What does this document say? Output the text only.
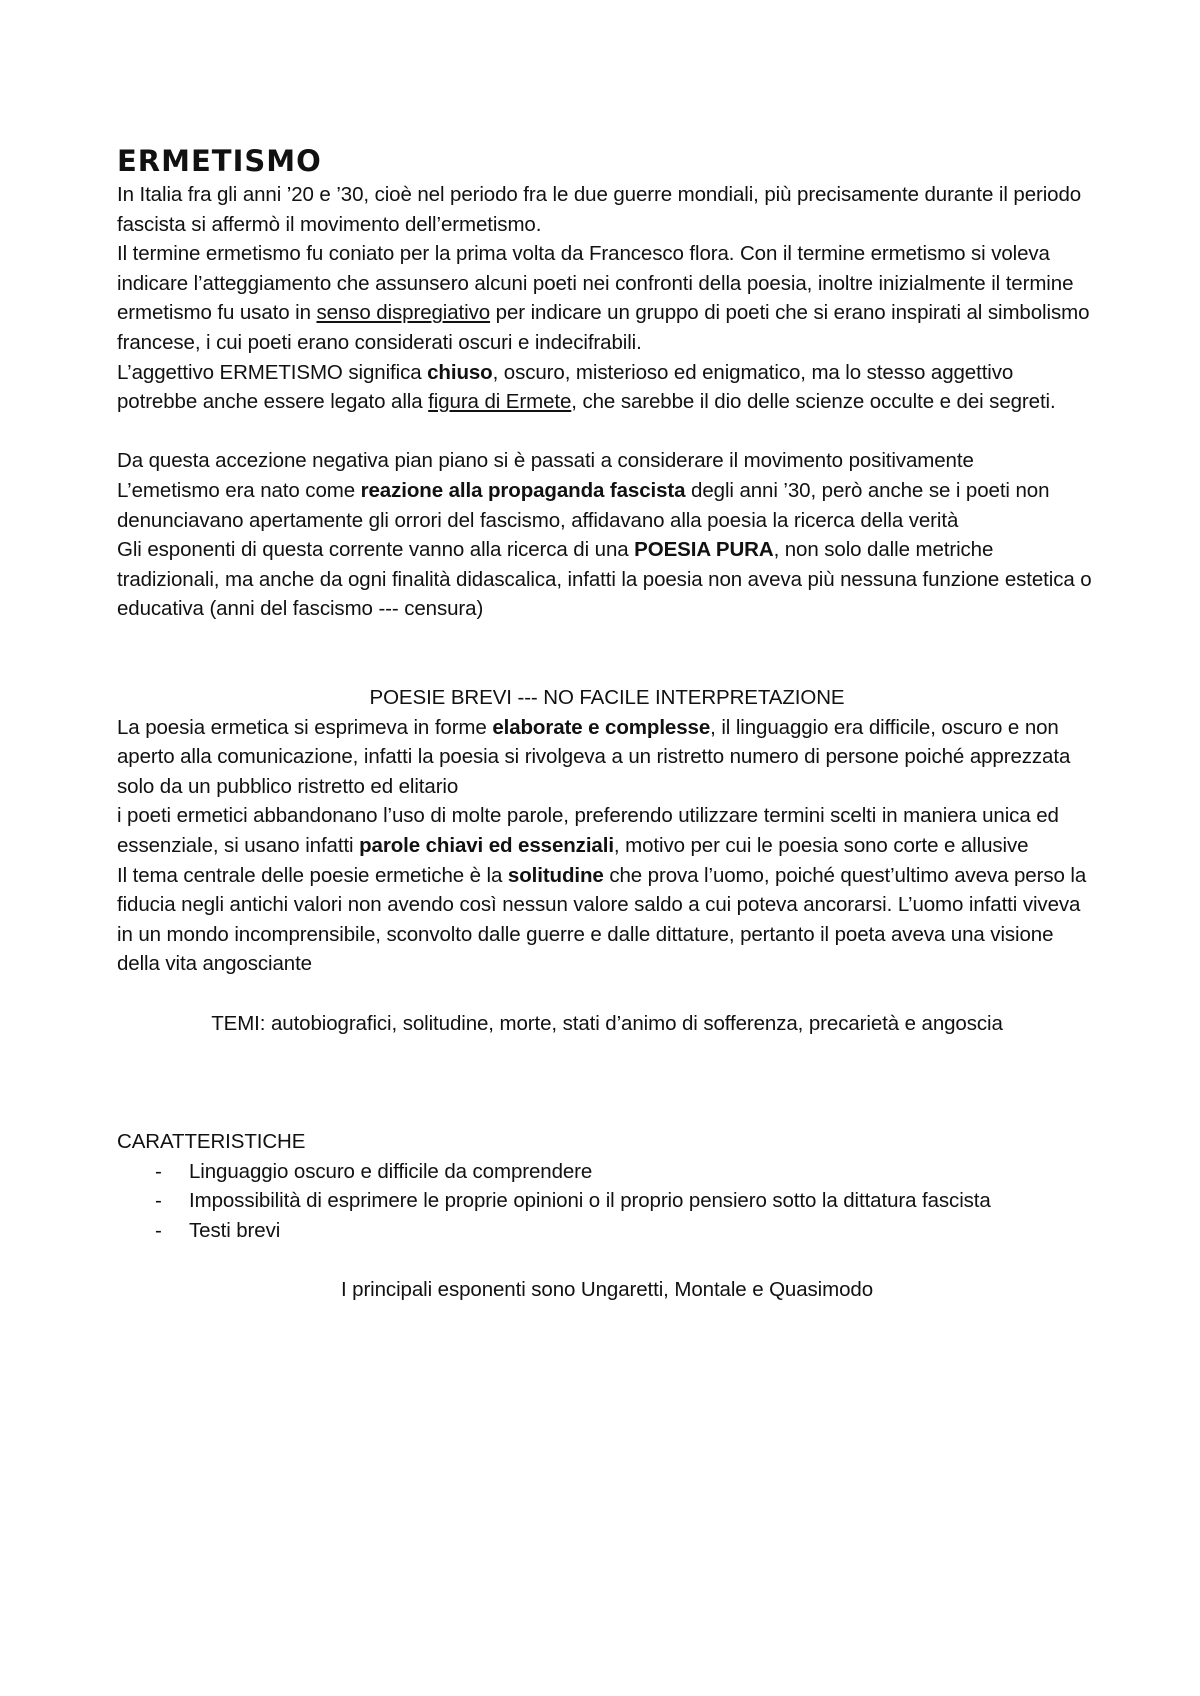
ERMETISMO

In Italia fra gli anni ’20 e ’30, cioè nel periodo fra le due guerre mondiali, più precisamente durante il periodo fascista si affermò il movimento dell’ermetismo.

Il termine ermetismo fu coniato per la prima volta da Francesco flora. Con il termine ermetismo si voleva indicare l’atteggiamento che assunsero alcuni poeti nei confronti della poesia, inoltre inizialmente il termine ermetismo fu usato in senso dispregiativo per indicare un gruppo di poeti che si erano inspirati al simbolismo francese, i cui poeti erano considerati oscuri e indecifrabili.

L’aggettivo ERMETISMO significa chiuso, oscuro, misterioso ed enigmatico, ma lo stesso aggettivo potrebbe anche essere legato alla figura di Ermete, che sarebbe il dio delle scienze occulte e dei segreti.

Da questa accezione negativa pian piano si è passati a considerare il movimento positivamente

L’emetismo era nato come reazione alla propaganda fascista degli anni ’30, però anche se i poeti non denunciavano apertamente gli orrori del fascismo, affidavano alla poesia la ricerca della verità

Gli esponenti di questa corrente vanno alla ricerca di una POESIA PURA, non solo dalle metriche tradizionali, ma anche da ogni finalità didascalica, infatti la poesia non aveva più nessuna funzione estetica o educativa (anni del fascismo --- censura)

POESIE BREVI --- NO FACILE INTERPRETAZIONE

La poesia ermetica si esprimeva in forme elaborate e complesse, il linguaggio era difficile, oscuro e non aperto alla comunicazione, infatti la poesia si rivolgeva a un ristretto numero di persone poiché apprezzata solo da un pubblico ristretto ed elitario

i poeti ermetici abbandonano l’uso di molte parole, preferendo utilizzare termini scelti in maniera unica ed essenziale, si usano infatti parole chiavi ed essenziali, motivo per cui le poesia sono corte e allusive

Il tema centrale delle poesie ermetiche è la solitudine che prova l’uomo, poiché quest’ultimo aveva perso la fiducia negli antichi valori non avendo così nessun valore saldo a cui poteva ancorarsi. L’uomo infatti viveva in un mondo incomprensibile, sconvolto dalle guerre e dalle dittature, pertanto il poeta aveva una visione della vita angosciante

TEMI: autobiografici, solitudine, morte, stati d’animo di sofferenza, precarietà e angoscia

CARATTERISTICHE

- Linguaggio oscuro e difficile da comprendere
- Impossibilità di esprimere le proprie opinioni o il proprio pensiero sotto la dittatura fascista
- Testi brevi

I principali esponenti sono Ungaretti, Montale e Quasimodo
